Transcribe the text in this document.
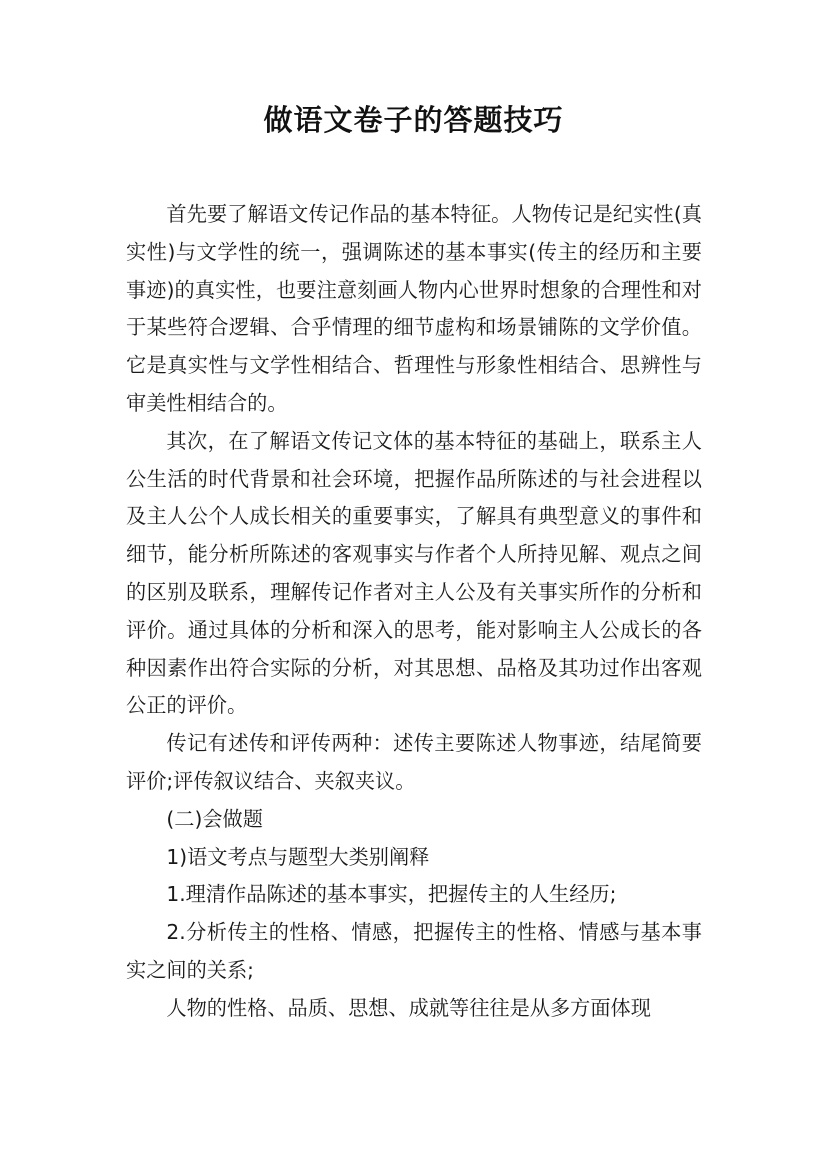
做语文卷子的答题技巧

首先要了解语文传记作品的基本特征。人物传记是纪实性(真实性)与文学性的统一，强调陈述的基本事实(传主的经历和主要事迹)的真实性，也要注意刻画人物内心世界时想象的合理性和对于某些符合逻辑、合乎情理的细节虚构和场景铺陈的文学价值。它是真实性与文学性相结合、哲理性与形象性相结合、思辨性与审美性相结合的。

其次，在了解语文传记文体的基本特征的基础上，联系主人公生活的时代背景和社会环境，把握作品所陈述的与社会进程以及主人公个人成长相关的重要事实，了解具有典型意义的事件和细节，能分析所陈述的客观事实与作者个人所持见解、观点之间的区别及联系，理解传记作者对主人公及有关事实所作的分析和评价。通过具体的分析和深入的思考，能对影响主人公成长的各种因素作出符合实际的分析，对其思想、品格及其功过作出客观公正的评价。

传记有述传和评传两种：述传主要陈述人物事迹，结尾简要评价;评传叙议结合、夹叙夹议。

(二)会做题

1)语文考点与题型大类别阐释

1.理清作品陈述的基本事实，把握传主的人生经历;

2.分析传主的性格、情感，把握传主的性格、情感与基本事实之间的关系;

人物的性格、品质、思想、成就等往往是从多方面体现
